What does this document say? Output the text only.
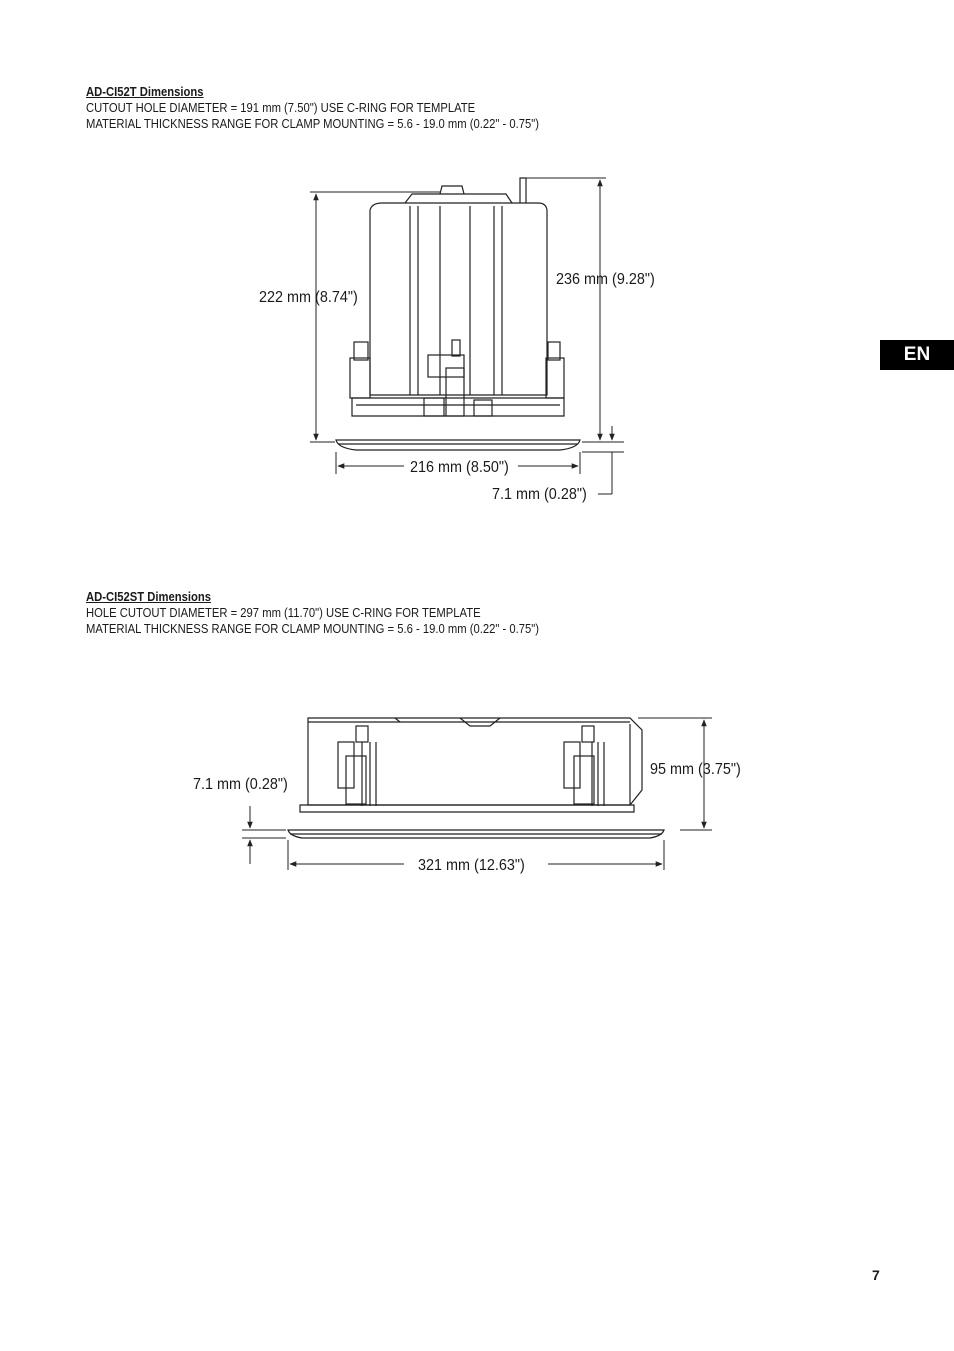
AD-CI52T Dimensions
CUTOUT HOLE DIAMETER = 191 mm (7.50") USE C-RING FOR TEMPLATE
MATERIAL THICKNESS RANGE FOR CLAMP MOUNTING = 5.6 - 19.0 mm (0.22" - 0.75")
AD-CI52ST Dimensions
HOLE CUTOUT DIAMETER = 297 mm (11.70") USE C-RING FOR TEMPLATE
MATERIAL THICKNESS RANGE FOR CLAMP MOUNTING = 5.6 - 19.0 mm (0.22" - 0.75")
222 mm (8.74")
236 mm (9.28")
216 mm (8.50")
7.1 mm (0.28")
7.1 mm (0.28")
95 mm (3.75")
321 mm (12.63")
EN
7
